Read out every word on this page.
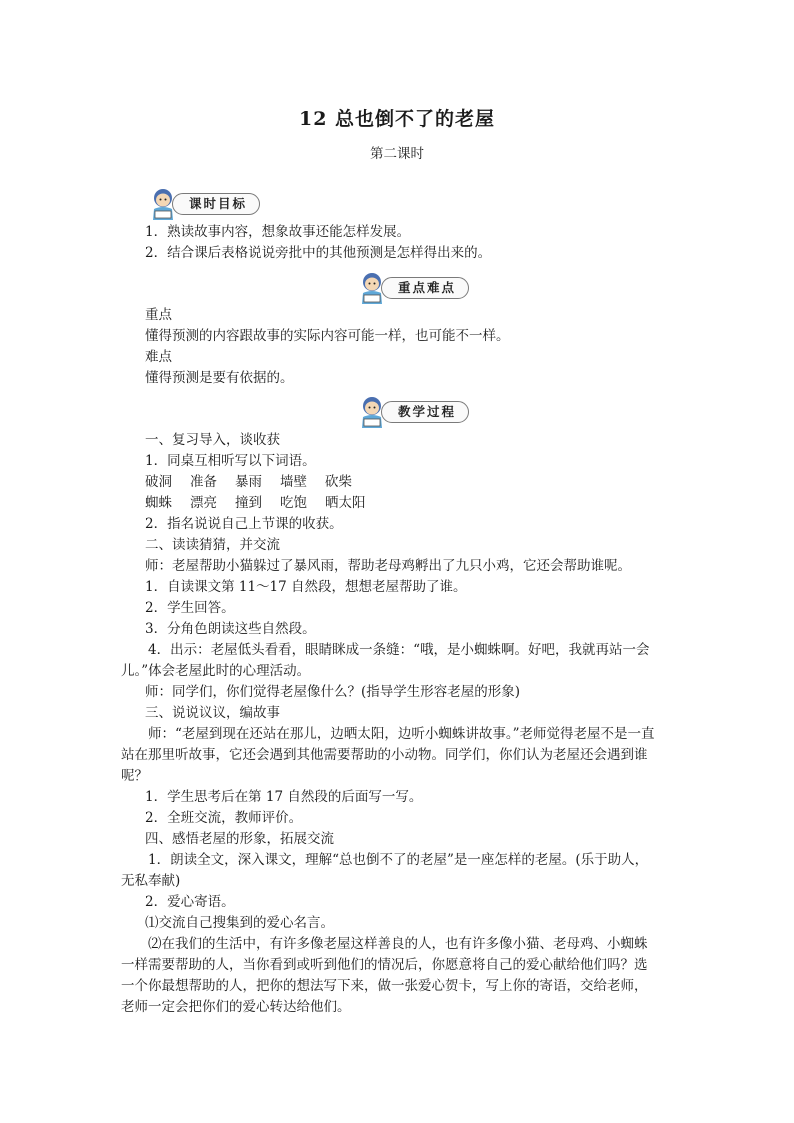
12 总也倒不了的老屋
第二课时
课时目标
1．熟读故事内容，想象故事还能怎样发展。
2．结合课后表格说说旁批中的其他预测是怎样得出来的。
重点难点
重点
懂得预测的内容跟故事的实际内容可能一样，也可能不一样。
难点
懂得预测是要有依据的。
教学过程
一、复习导入，谈收获
1．同桌互相听写以下词语。
破洞 准备 暴雨 墙壁 砍柴
蜘蛛 漂亮 撞到 吃饱 晒太阳
2．指名说说自己上节课的收获。
二、读读猜猜，并交流
师：老屋帮助小猫躲过了暴风雨，帮助老母鸡孵出了九只小鸡，它还会帮助谁呢。
1．自读课文第 11～17 自然段，想想老屋帮助了谁。
2．学生回答。
3．分角色朗读这些自然段。
4．出示：老屋低头看看，眼睛眯成一条缝：“哦，是小蜘蛛啊。好吧，我就再站一会儿。”体会老屋此时的心理活动。
师：同学们，你们觉得老屋像什么？(指导学生形容老屋的形象)
三、说说议议，编故事
师：“老屋到现在还站在那儿，边晒太阳，边听小蜘蛛讲故事。”老师觉得老屋不是一直站在那里听故事，它还会遇到其他需要帮助的小动物。同学们，你们认为老屋还会遇到谁呢？
1．学生思考后在第 17 自然段的后面写一写。
2．全班交流，教师评价。
四、感悟老屋的形象，拓展交流
1．朗读全文，深入课文，理解“总也倒不了的老屋”是一座怎样的老屋。(乐于助人，无私奉献)
2．爱心寄语。
⑴交流自己搜集到的爱心名言。
⑵在我们的生活中，有许多像老屋这样善良的人，也有许多像小猫、老母鸡、小蜘蛛一样需要帮助的人，当你看到或听到他们的情况后，你愿意将自己的爱心献给他们吗？选一个你最想帮助的人，把你的想法写下来，做一张爱心贺卡，写上你的寄语，交给老师，老师一定会把你们的爱心转达给他们。
